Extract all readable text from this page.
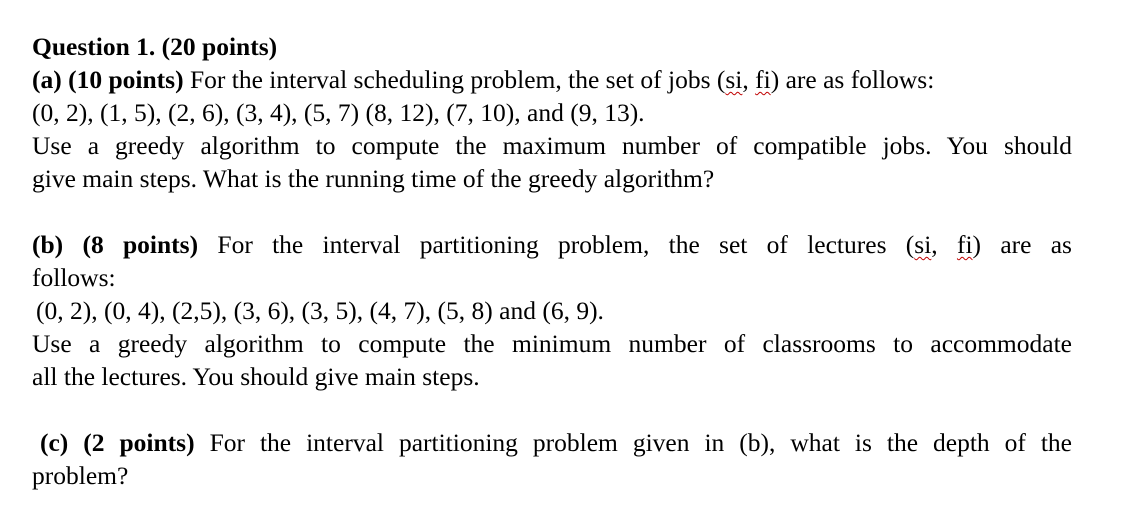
Question 1. (20 points)
(a) (10 points) For the interval scheduling problem, the set of jobs (si, fi) are as follows:
(0, 2), (1, 5), (2, 6), (3, 4), (5, 7) (8, 12), (7, 10), and (9, 13).
Use a greedy algorithm to compute the maximum number of compatible jobs. You should
give main steps. What is the running time of the greedy algorithm?
(b) (8 points) For the interval partitioning problem, the set of lectures (si, fi) are as
follows:
(0, 2), (0, 4), (2,5), (3, 6), (3, 5), (4, 7), (5, 8) and (6, 9).
Use a greedy algorithm to compute the minimum number of classrooms to accommodate
all the lectures. You should give main steps.
(c) (2 points) For the interval partitioning problem given in (b), what is the depth of the
problem?
